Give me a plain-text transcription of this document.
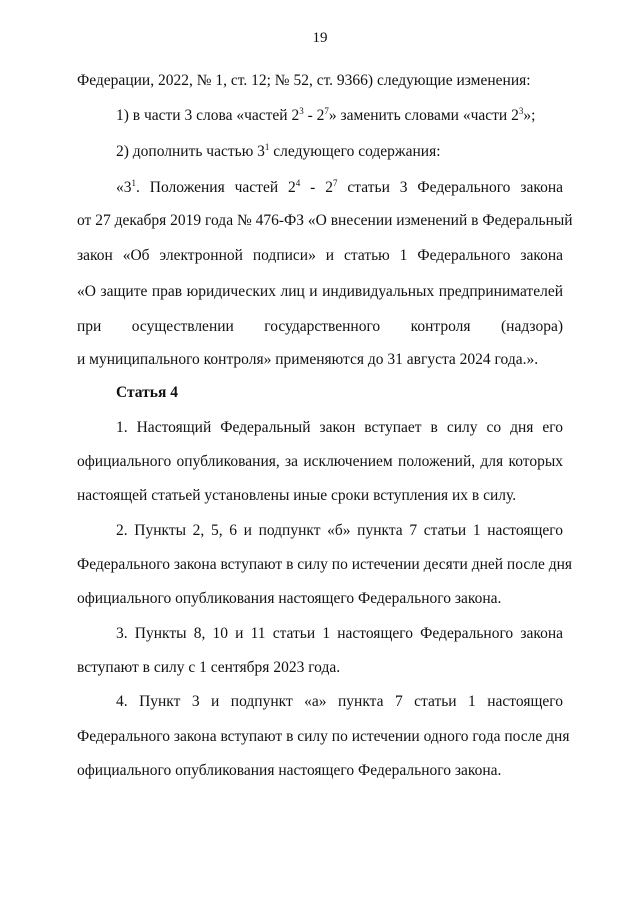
19
Федерации, 2022, № 1, ст. 12; № 52, ст. 9366) следующие изменения:
1) в части 3 слова «частей $2^3 - 2^7$» заменить словами «части $2^3$»;
2) дополнить частью $3^1$ следующего содержания:
«$3^1$. Положения частей $2^4 - 2^7$ статьи 3 Федерального закона
от 27 декабря 2019 года № 476-ФЗ «О внесении изменений в Федеральный
закон «Об электронной подписи» и статью 1 Федерального закона
«О защите прав юридических лиц и индивидуальных предпринимателей
при осуществлении государственного контроля (надзора)
и муниципального контроля» применяются до 31 августа 2024 года.».
Статья 4
1. Настоящий Федеральный закон вступает в силу со дня его
официального опубликования, за исключением положений, для которых
настоящей статьей установлены иные сроки вступления их в силу.
2. Пункты 2, 5, 6 и подпункт «б» пункта 7 статьи 1 настоящего
Федерального закона вступают в силу по истечении десяти дней после дня
официального опубликования настоящего Федерального закона.
3. Пункты 8, 10 и 11 статьи 1 настоящего Федерального закона
вступают в силу с 1 сентября 2023 года.
4. Пункт 3 и подпункт «а» пункта 7 статьи 1 настоящего
Федерального закона вступают в силу по истечении одного года после дня
официального опубликования настоящего Федерального закона.
